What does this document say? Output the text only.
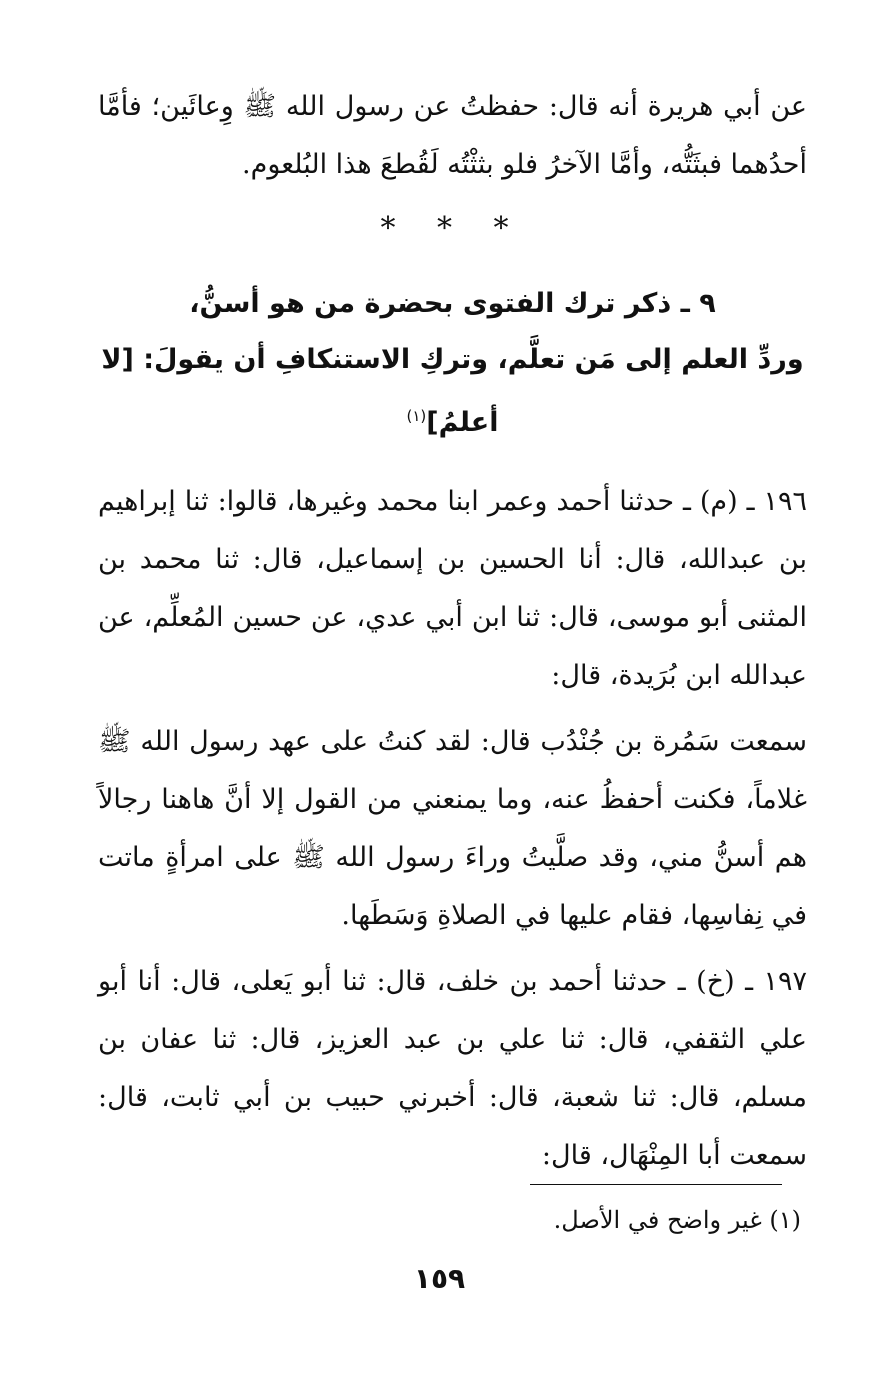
عن أبي هريرة أنه قال: حفظتُ عن رسول الله ﷺ وِعائَين؛ فأمَّا أحدُهما فبثَتُّه، وأمَّا الآخرُ فلو بثثْتُه لَقُطعَ هذا البُلعوم.

* * *
٩ ـ ذكر ترك الفتوى بحضرة من هو أسنُّ،
وردِّ العلم إلى مَن تعلَّم، وتركِ الاستنكافِ أن يقولَ: [لا أعلمُ]$^{(١)}$

١٩٦ ـ (م) ـ حدثنا أحمد وعمر ابنا محمد وغيرها، قالوا: ثنا إبراهيم بن عبدالله، قال: أنا الحسين بن إسماعيل، قال: ثنا محمد بن المثنى أبو موسى، قال: ثنا ابن أبي عدي، عن حسين المُعلِّم، عن عبدالله ابن بُرَيدة، قال:

سمعت سَمُرة بن جُنْدُب قال: لقد كنتُ على عهد رسول الله ﷺ غلاماً، فكنت أحفظُ عنه، وما يمنعني من القول إلا أنَّ هاهنا رجالاً هم أسنُّ مني، وقد صلَّيتُ وراءَ رسول الله ﷺ على امرأةٍ ماتت في نِفاسِها، فقام عليها في الصلاةِ وَسَطَها.

١٩٧ ـ (خ) ـ حدثنا أحمد بن خلف، قال: ثنا أبو يَعلى، قال: أنا أبو علي الثقفي، قال: ثنا علي بن عبد العزيز، قال: ثنا عفان بن مسلم، قال: ثنا شعبة، قال: أخبرني حبيب بن أبي ثابت، قال: سمعت أبا المِنْهَال، قال:

(١) غير واضح في الأصل.
١٥٩
